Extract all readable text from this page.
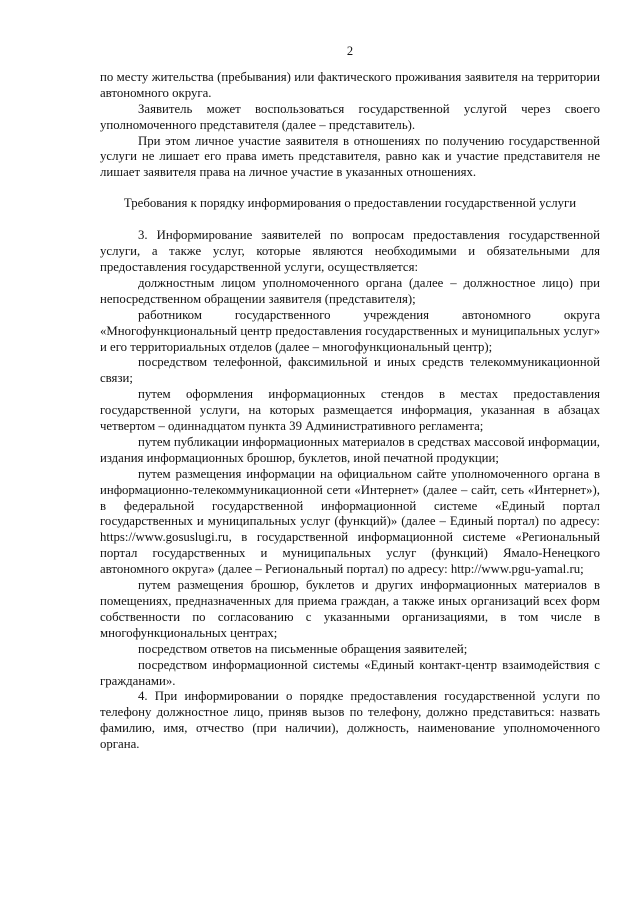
2

по месту жительства (пребывания) или фактического проживания заявителя на территории автономного округа.

Заявитель может воспользоваться государственной услугой через своего уполномоченного представителя (далее – представитель).

При этом личное участие заявителя в отношениях по получению государственной услуги не лишает его права иметь представителя, равно как и участие представителя не лишает заявителя права на личное участие в указанных отношениях.

Требования к порядку информирования о предоставлении государственной услуги

3. Информирование заявителей по вопросам предоставления государственной услуги, а также услуг, которые являются необходимыми и обязательными для предоставления государственной услуги, осуществляется:

должностным лицом уполномоченного органа (далее – должностное лицо) при непосредственном обращении заявителя (представителя);

работником государственного учреждения автономного округа «Многофункциональный центр предоставления государственных и муниципальных услуг» и его территориальных отделов (далее – многофункциональный центр);

посредством телефонной, факсимильной и иных средств телекоммуникационной связи;

путем оформления информационных стендов в местах предоставления государственной услуги, на которых размещается информация, указанная в абзацах четвертом – одиннадцатом пункта 39 Административного регламента;

путем публикации информационных материалов в средствах массовой информации, издания информационных брошюр, буклетов, иной печатной продукции;

путем размещения информации на официальном сайте уполномоченного органа в информационно-телекоммуникационной сети «Интернет» (далее – сайт, сеть «Интернет»), в федеральной государственной информационной системе «Единый портал государственных и муниципальных услуг (функций)» (далее – Единый портал) по адресу: https://www.gosuslugi.ru, в государственной информационной системе «Региональный портал государственных и муниципальных услуг (функций) Ямало-Ненецкого автономного округа» (далее – Региональный портал) по адресу: http://www.pgu-yamal.ru;

путем размещения брошюр, буклетов и других информационных материалов в помещениях, предназначенных для приема граждан, а также иных организаций всех форм собственности по согласованию с указанными организациями, в том числе в многофункциональных центрах;

посредством ответов на письменные обращения заявителей;

посредством информационной системы «Единый контакт-центр взаимодействия с гражданами».

4. При информировании о порядке предоставления государственной услуги по телефону должностное лицо, приняв вызов по телефону, должно представиться: назвать фамилию, имя, отчество (при наличии), должность, наименование уполномоченного органа.
